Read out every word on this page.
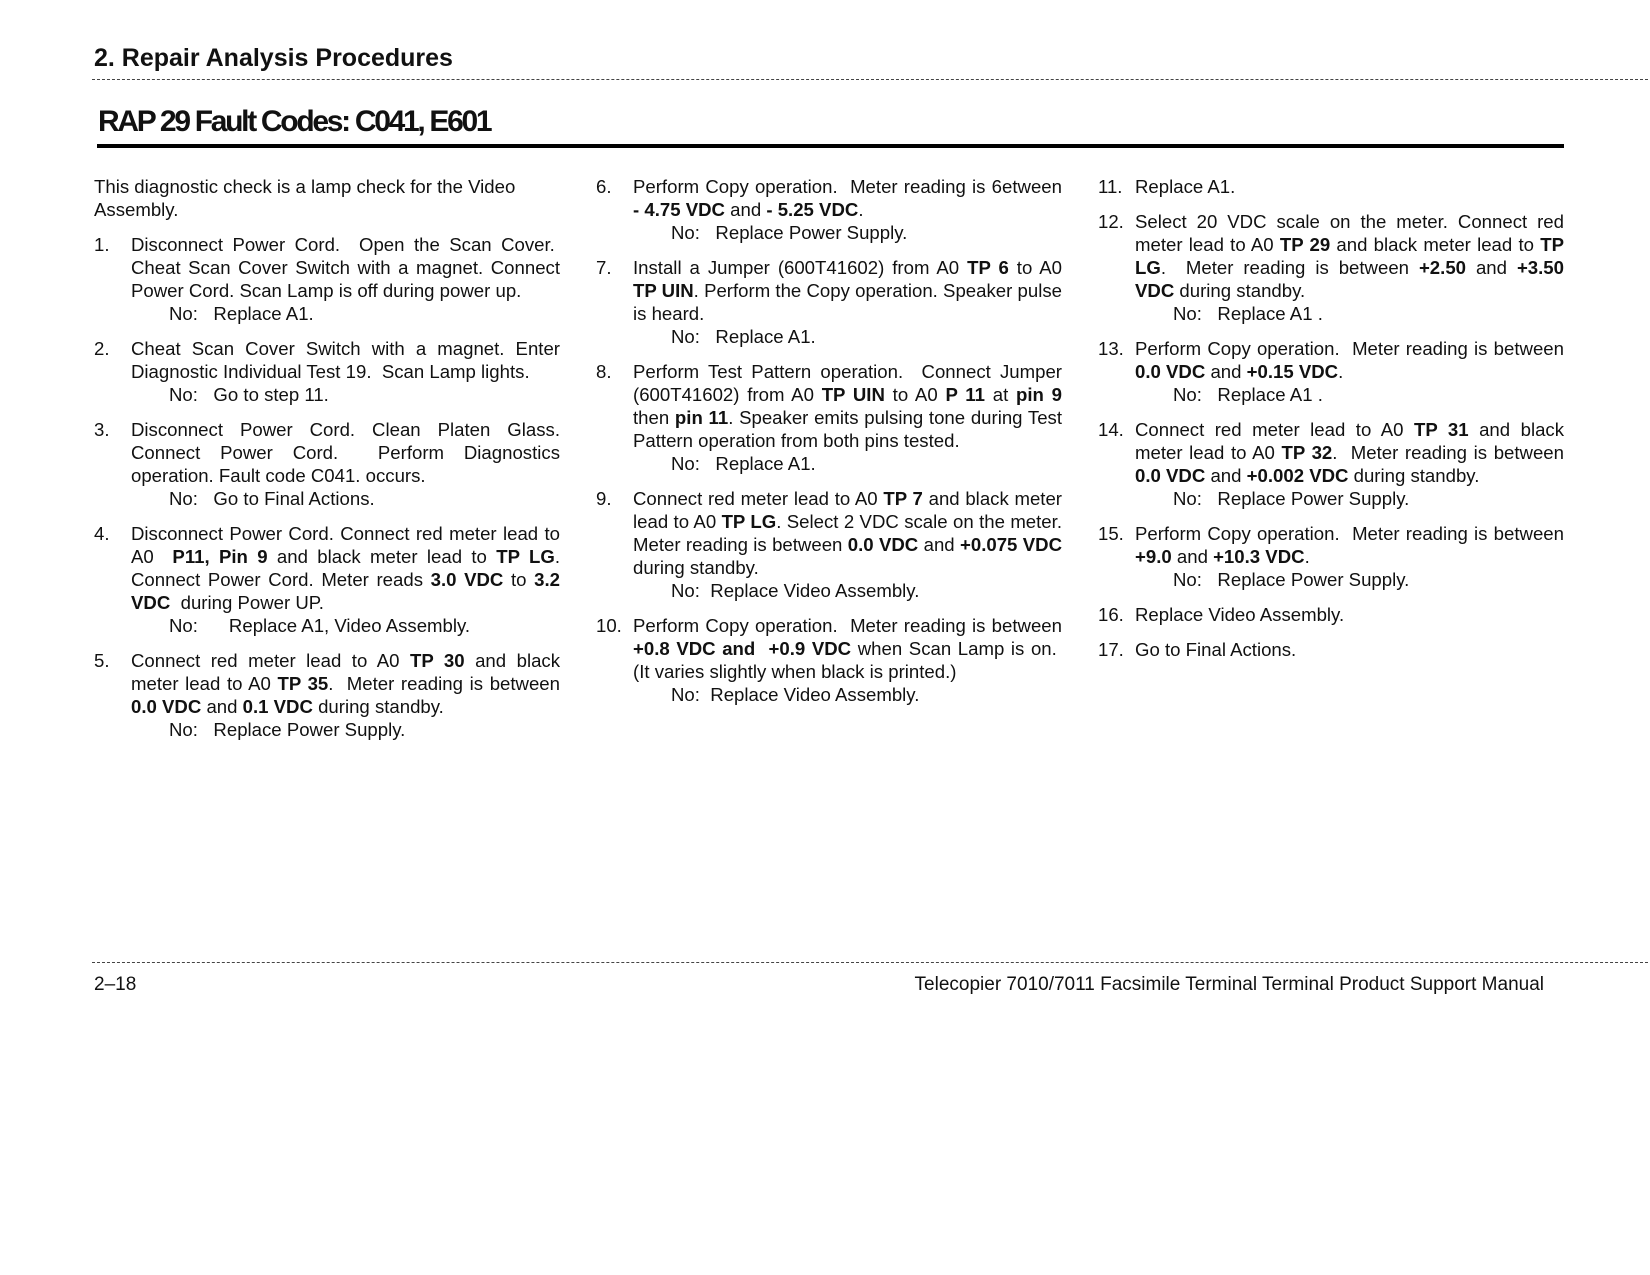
2. Repair Analysis Procedures
RAP 29 Fault Codes: C041, E601

This diagnostic check is a lamp check for the Video Assembly.

1. Disconnect Power Cord.  Open the Scan Cover.  Cheat Scan Cover Switch with a magnet. Connect Power Cord. Scan Lamp is off during power up.
No:   Replace A1.
2. Cheat Scan Cover Switch with a magnet. Enter Diagnostic Individual Test 19.  Scan Lamp lights.
No:   Go to step 11.
3. Disconnect Power Cord. Clean Platen Glass. Connect Power Cord.  Perform Diagnostics operation. Fault code C041. occurs.
No:   Go to Final Actions.
4. Disconnect Power Cord. Connect red meter lead to A0  P11, Pin 9 and black meter lead to TP LG. Connect Power Cord. Meter reads 3.0 VDC to 3.2 VDC  during Power UP.
No:      Replace A1, Video Assembly.
5. Connect red meter lead to A0 TP 30 and black meter lead to A0 TP 35.  Meter reading is between 0.0 VDC and 0.1 VDC during standby.
No:   Replace Power Supply.
6. Perform Copy operation.  Meter reading is 6etween - 4.75 VDC and - 5.25 VDC.
No:   Replace Power Supply.
7. Install a Jumper (600T41602) from A0 TP 6 to A0 TP UIN. Perform the Copy operation. Speaker pulse is heard.
No:   Replace A1.
8. Perform Test Pattern operation.  Connect Jumper (600T41602) from A0 TP UIN to A0 P 11 at pin 9 then pin 11. Speaker emits pulsing tone during Test Pattern operation from both pins tested.
No:   Replace A1.
9. Connect red meter lead to A0 TP 7 and black meter lead to A0 TP LG. Select 2 VDC scale on the meter. Meter reading is between 0.0 VDC and +0.075 VDC during standby.
No:  Replace Video Assembly.
10. Perform Copy operation.  Meter reading is between +0.8 VDC and  +0.9 VDC when Scan Lamp is on.  (It varies slightly when black is printed.)
No:  Replace Video Assembly.
11. Replace A1.
12. Select 20 VDC scale on the meter. Connect red meter lead to A0 TP 29 and black meter lead to TP LG.  Meter reading is between +2.50 and +3.50 VDC during standby.
No:   Replace A1 .
13. Perform Copy operation.  Meter reading is between 0.0 VDC and +0.15 VDC.
No:   Replace A1 .
14. Connect red meter lead to A0 TP 31 and black meter lead to A0 TP 32.  Meter reading is between 0.0 VDC and +0.002 VDC during standby.
No:   Replace Power Supply.
15. Perform Copy operation.  Meter reading is between +9.0 and +10.3 VDC.
No:   Replace Power Supply.
16. Replace Video Assembly.
17. Go to Final Actions.
2–18	Telecopier 7010/7011 Facsimile Terminal Terminal Product Support Manual
